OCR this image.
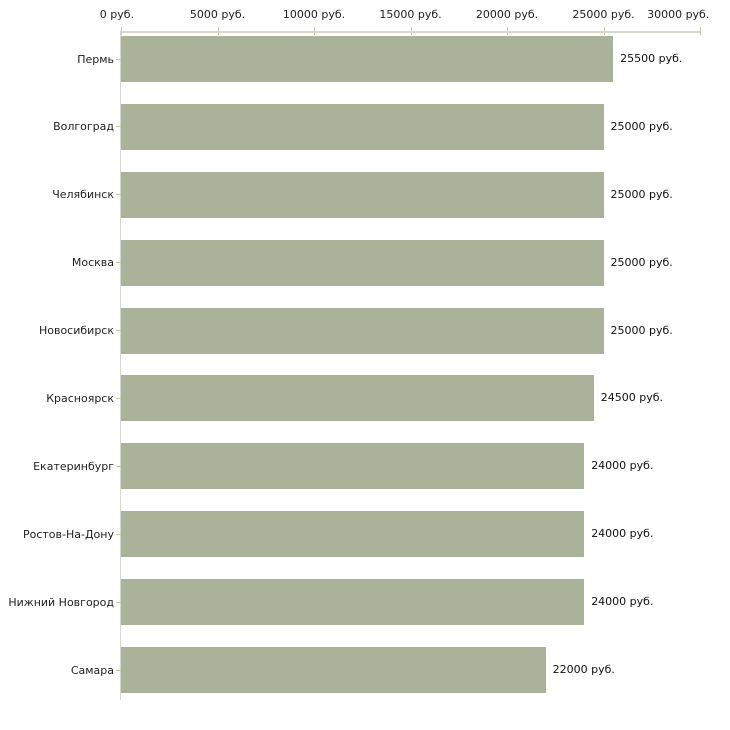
0 руб.	5000 руб.	10000 руб.	15000 руб.	20000 руб.	25000 руб. 30000 руб.
Пермь	25500 руб.
Волгоград	25000 руб.
Челябинск	25000 руб.
Москва	25000 руб.
Новосибирск	25000 руб.
Красноярск	24500 руб.
Екатеринбург	24000 руб.
Ростов-На-Дону	24000 руб.
Нижний Новгород	24000 руб.
Самара	22000 руб.
